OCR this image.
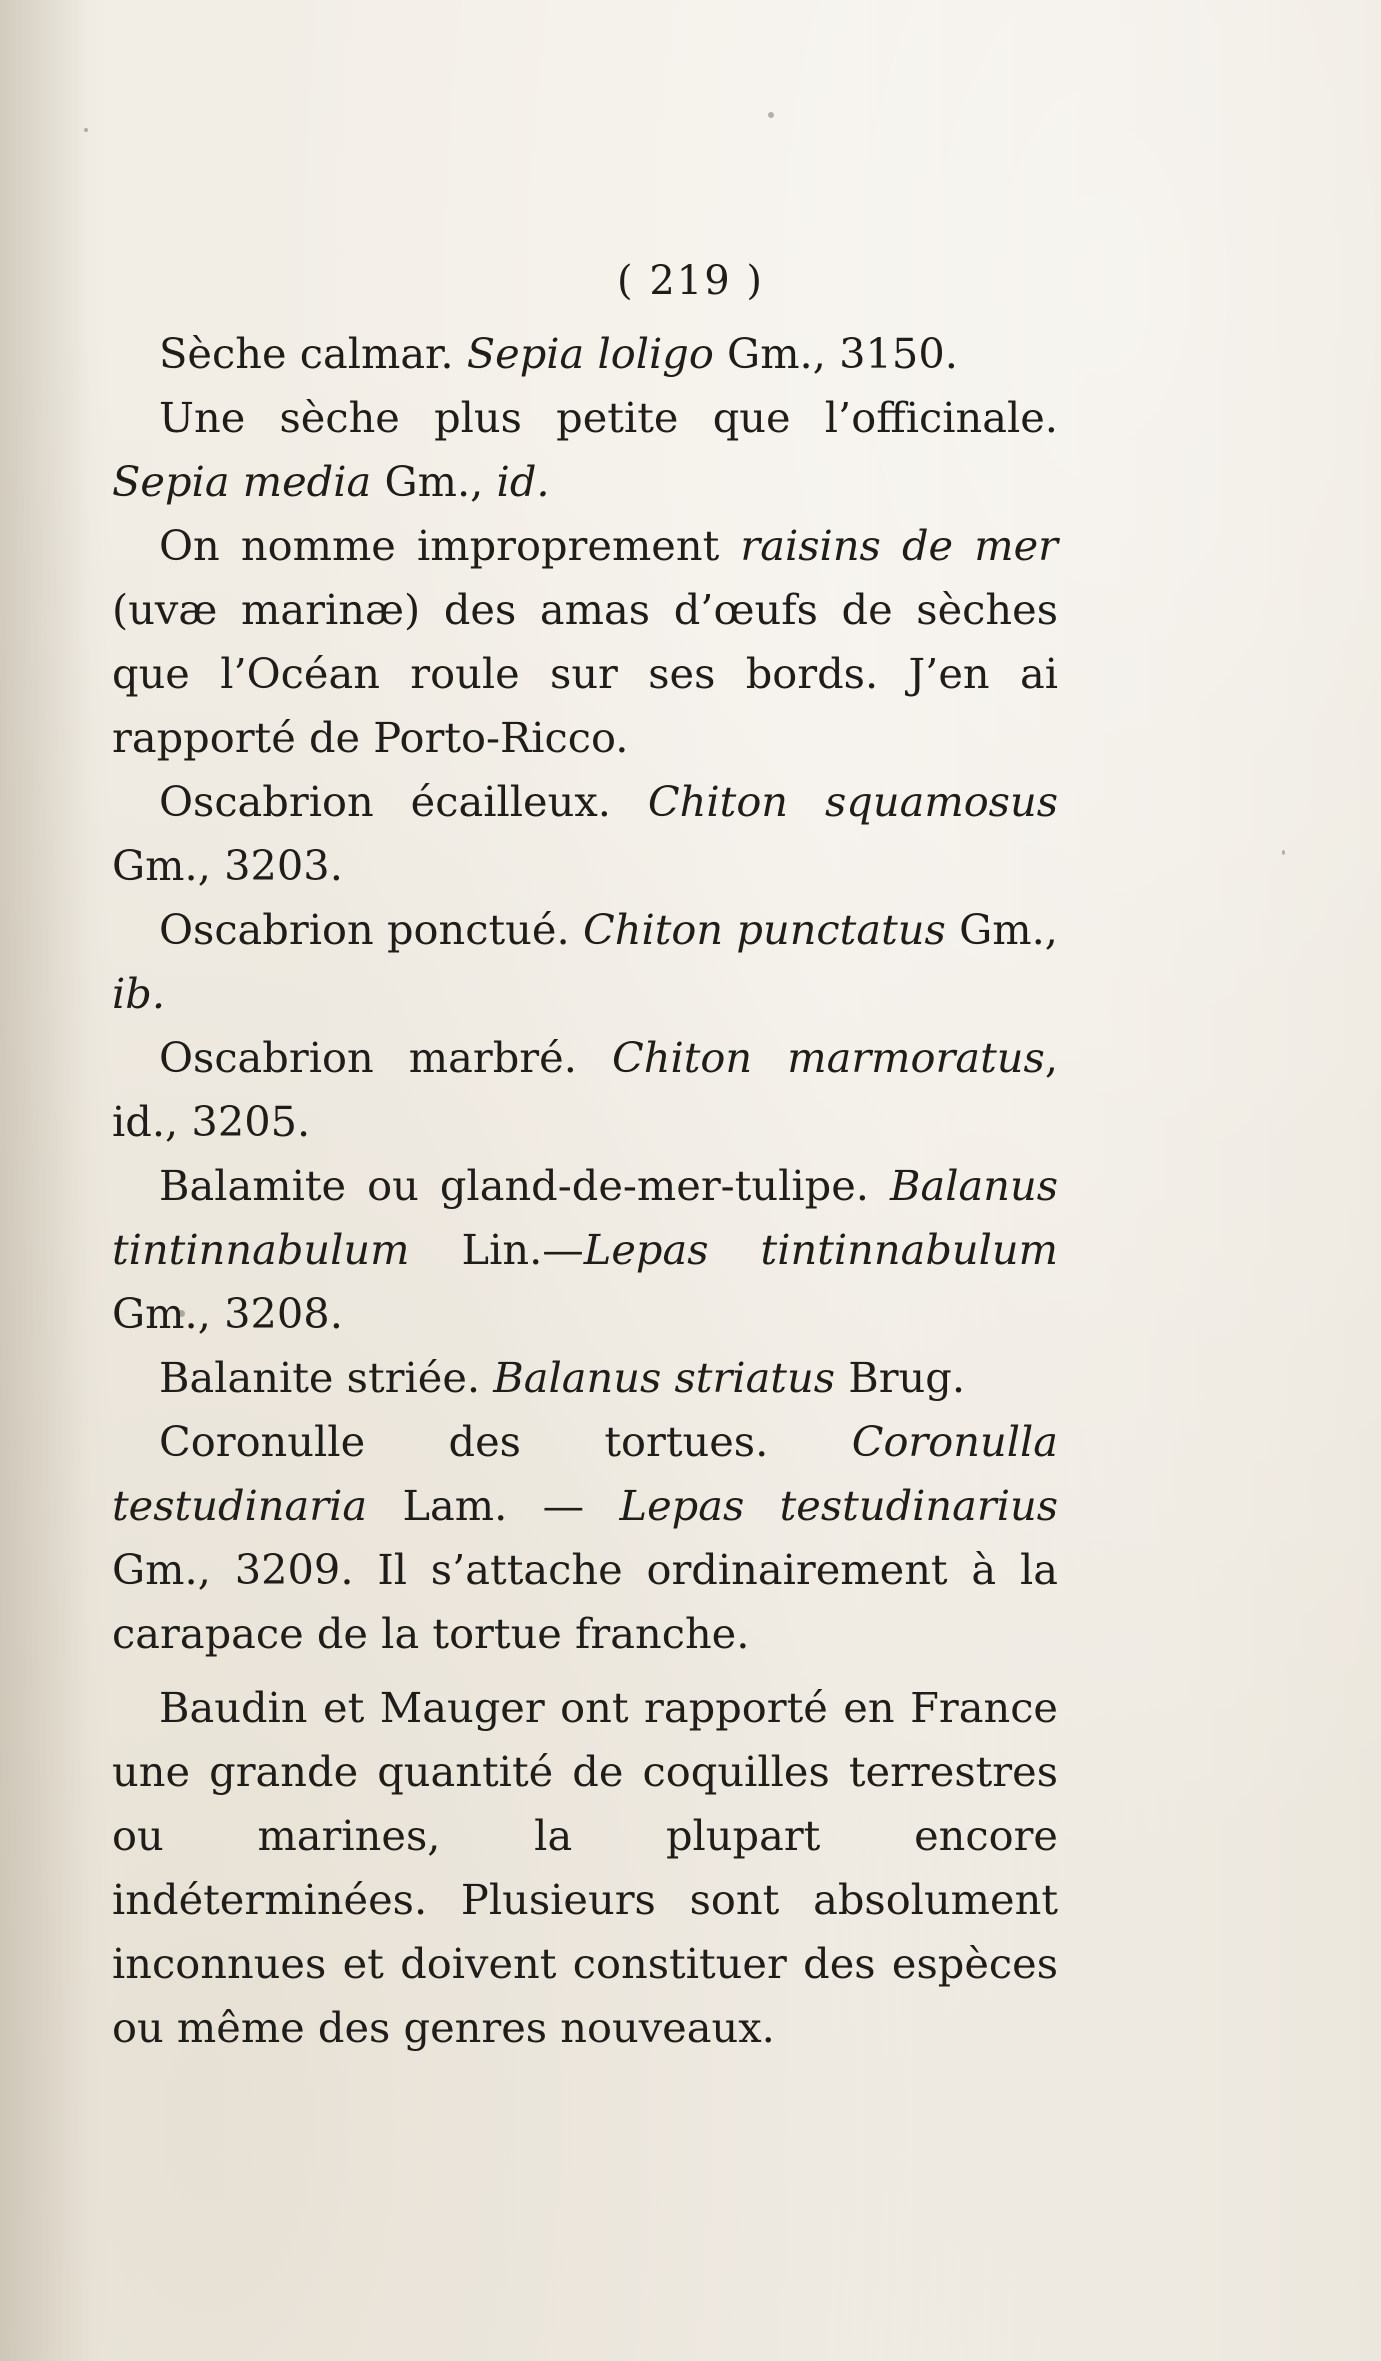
( 219 )

Sèche calmar. Sepia loligo Gm., 3150.

Une sèche plus petite que l’officinale. Sepia media Gm., id.

On nomme improprement raisins de mer (uvæ marinæ) des amas d’œufs de sèches que l’Océan roule sur ses bords. J’en ai rapporté de Porto-Ricco.

Oscabrion écailleux. Chiton squamosus Gm., 3203.

Oscabrion ponctué. Chiton punctatus Gm., ib.

Oscabrion marbré. Chiton marmoratus, id., 3205.

Balamite ou gland-de-mer-tulipe. Balanus tintinnabulum Lin.—Lepas tintinnabulum Gm., 3208.

Balanite striée. Balanus striatus Brug.

Coronulle des tortues. Coronulla testudinaria Lam. — Lepas testudinarius Gm., 3209. Il s’attache ordinairement à la carapace de la tortue franche.

Baudin et Mauger ont rapporté en France une grande quantité de coquilles terrestres ou marines, la plupart encore indéterminées. Plusieurs sont absolument inconnues et doivent constituer des espèces ou même des genres nouveaux.
